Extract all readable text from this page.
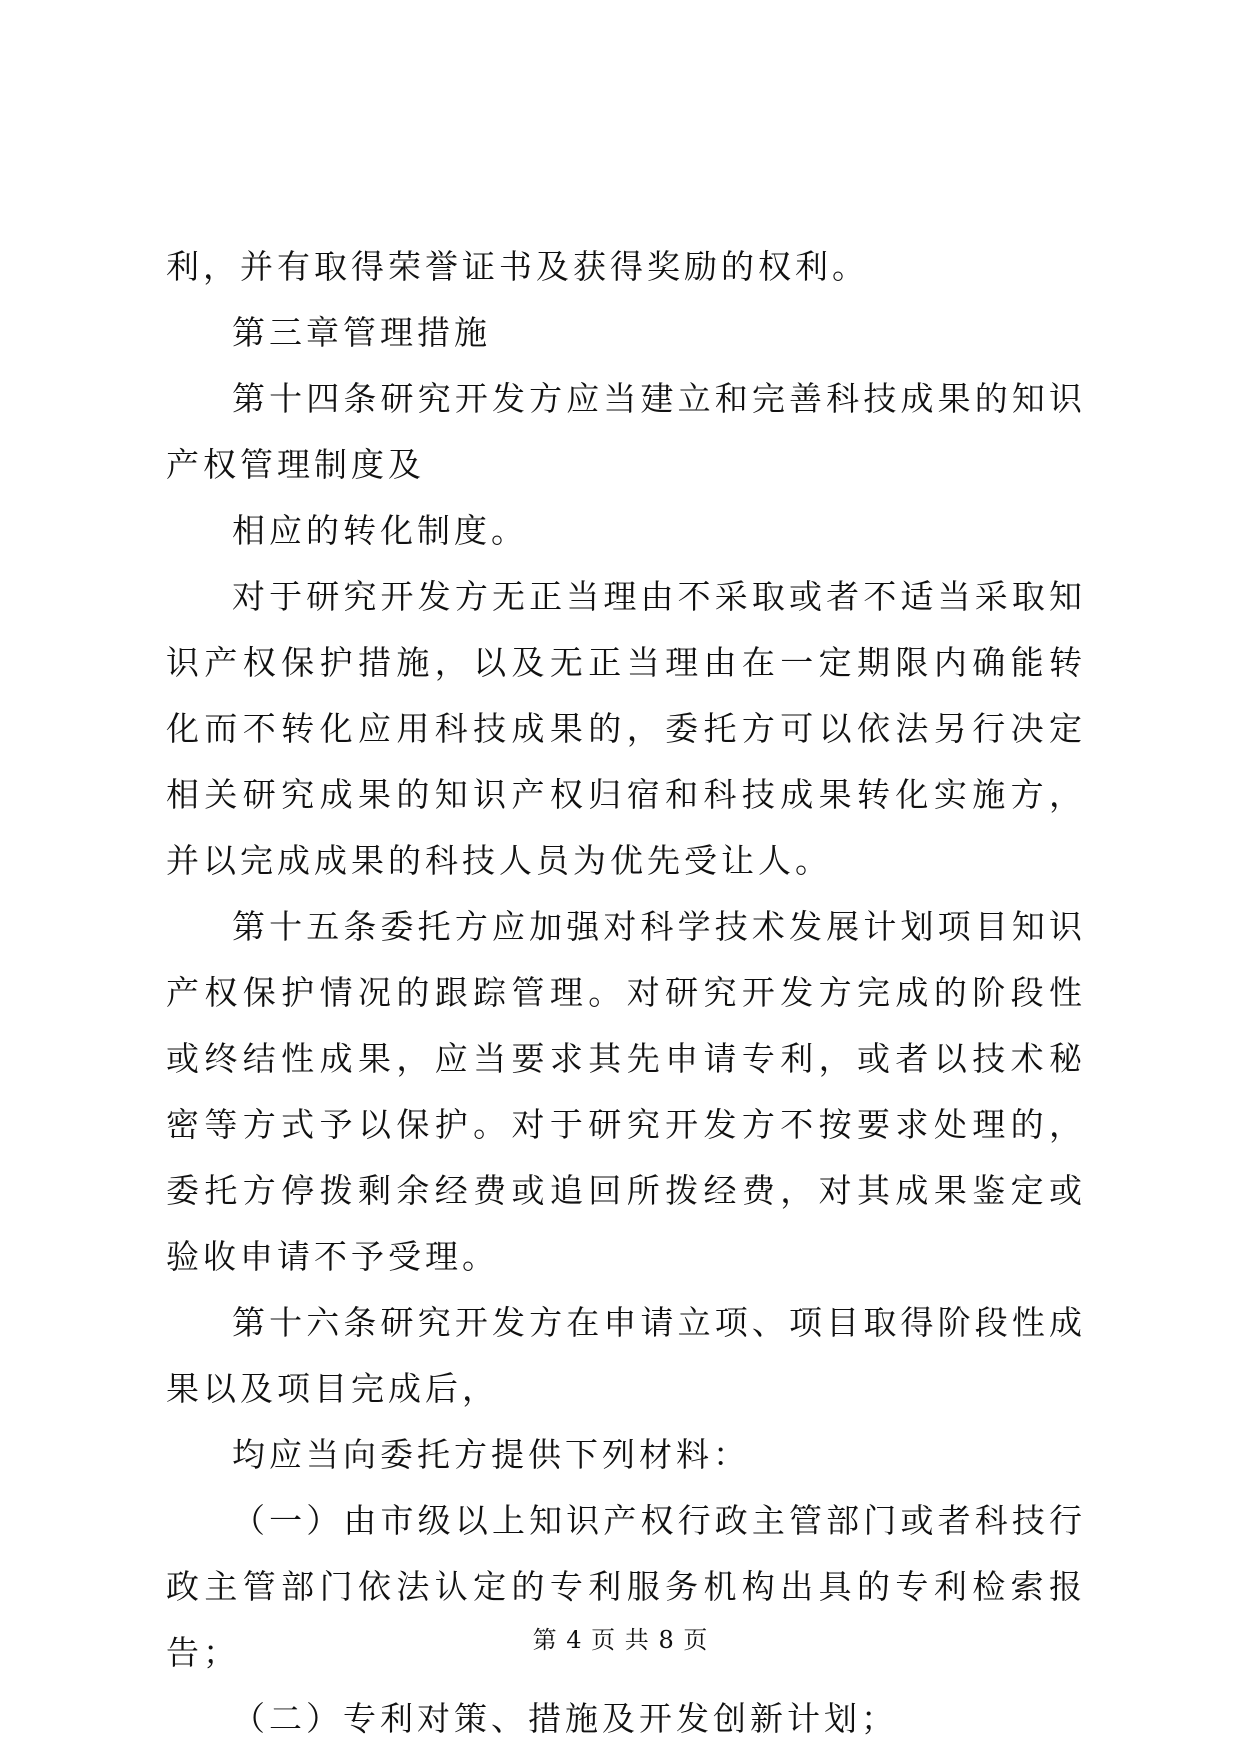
利，并有取得荣誉证书及获得奖励的权利。

第三章管理措施

第十四条研究开发方应当建立和完善科技成果的知识产权管理制度及

相应的转化制度。

对于研究开发方无正当理由不采取或者不适当采取知识产权保护措施，以及无正当理由在一定期限内确能转化而不转化应用科技成果的，委托方可以依法另行决定相关研究成果的知识产权归宿和科技成果转化实施方，并以完成成果的科技人员为优先受让人。

第十五条委托方应加强对科学技术发展计划项目知识产权保护情况的跟踪管理。对研究开发方完成的阶段性或终结性成果，应当要求其先申请专利，或者以技术秘密等方式予以保护。对于研究开发方不按要求处理的，委托方停拨剩余经费或追回所拨经费，对其成果鉴定或验收申请不予受理。

第十六条研究开发方在申请立项、项目取得阶段性成果以及项目完成后，

均应当向委托方提供下列材料：

（一）由市级以上知识产权行政主管部门或者科技行政主管部门依法认定的专利服务机构出具的专利检索报告；

（二）专利对策、措施及开发创新计划；

第 4 页 共 8 页
